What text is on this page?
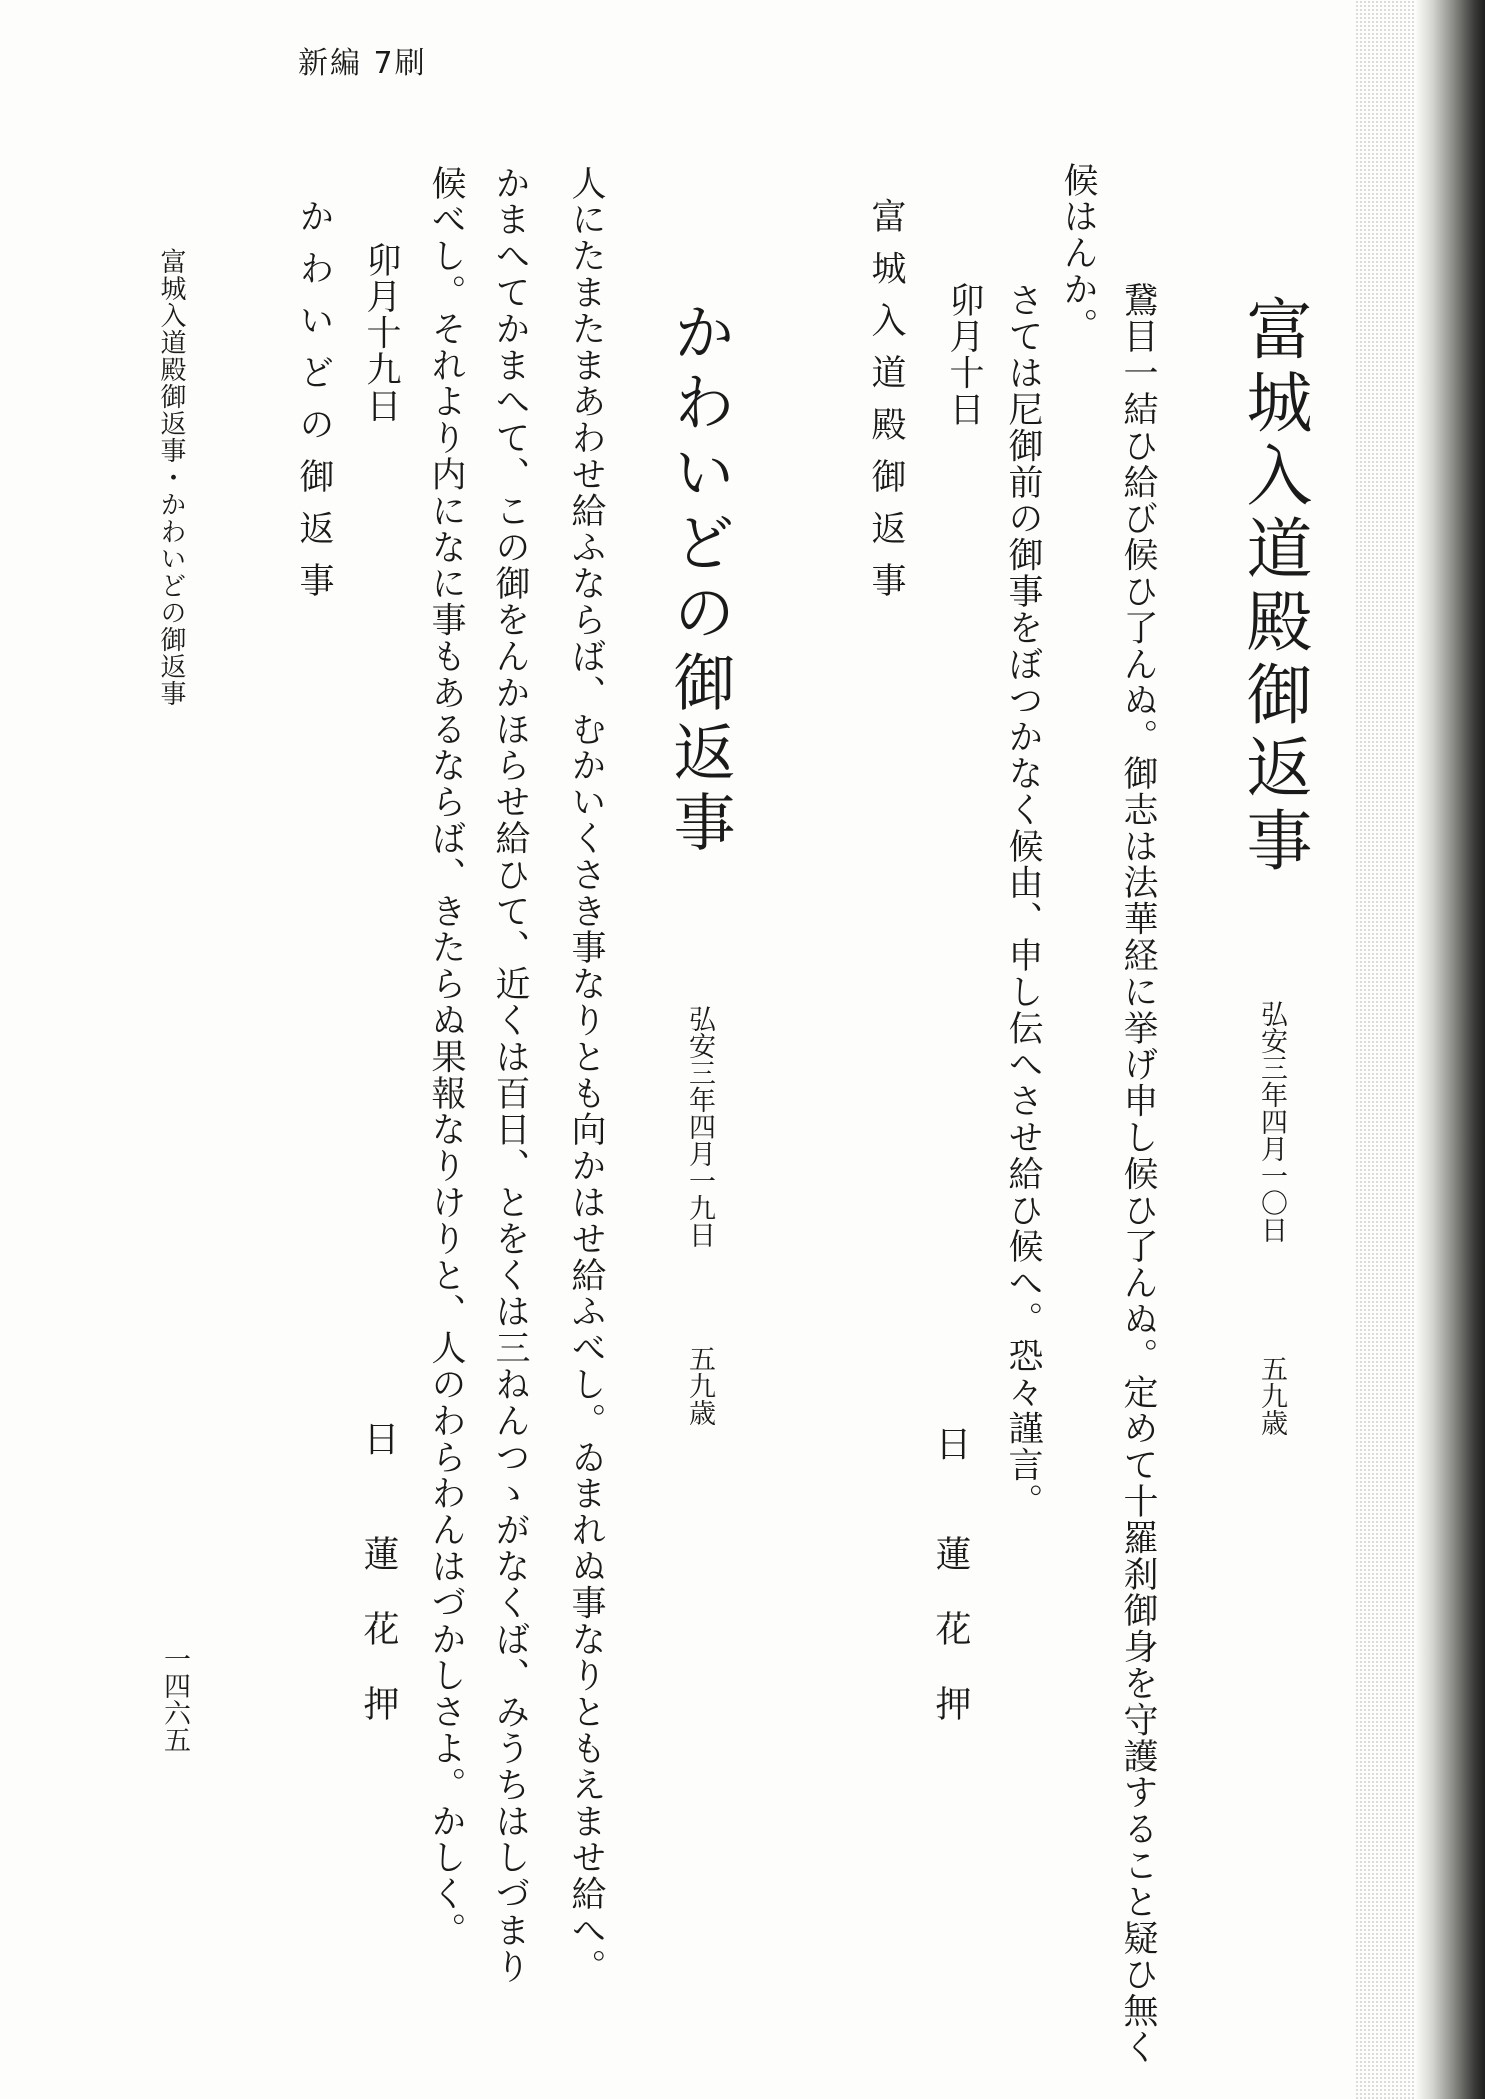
新編 7刷
富城入道殿御返事
弘安三年四月一〇日
五九歳
候はんか。
鵞目一結ひ給び候ひ了んぬ。御志は法華経に挙げ申し候ひ了んぬ。定めて十羅刹御身を守護すること疑ひ無く
さては尼御前の御事をぼつかなく候由、申し伝へさせ給ひ候へ。恐々謹言。
卯月十日
日
蓮
花
押
富城入道殿御返事
かわいどの御返事
弘安三年四月一九日
五九歳
人にたまたまあわせ給ふならば、むかいくさき事なりとも向かはせ給ふべし。ゐまれぬ事なりともえませ給へ。
かまへてかまへて、この御をんかほらせ給ひて、近くは百日、とをくは三ねんつゝがなくば、みうちはしづまり
候べし。それより内になに事もあるならば、きたらぬ果報なりけりと、人のわらわんはづかしさよ。かしく。
卯月十九日
日
蓮
花
押
かわいどの御返事
富城入道殿御返事・かわいどの御返事
一四六五
